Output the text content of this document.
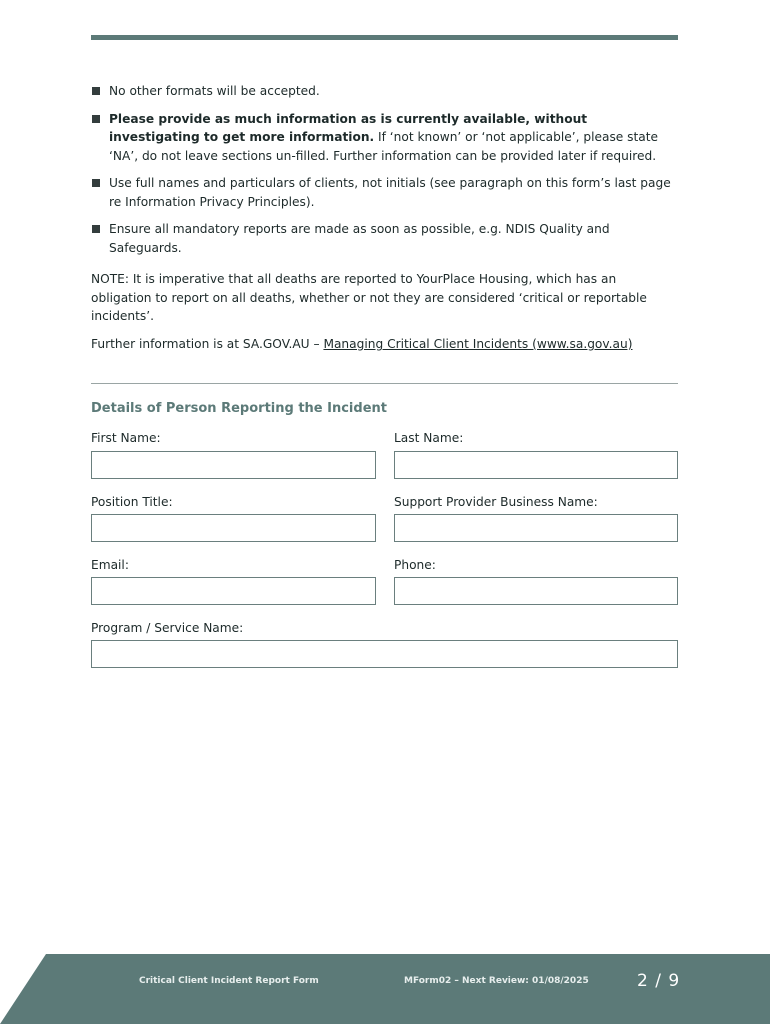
No other formats will be accepted.
Please provide as much information as is currently available, without investigating to get more information. If ‘not known’ or ‘not applicable’, please state ‘NA’, do not leave sections un-filled. Further information can be provided later if required.
Use full names and particulars of clients, not initials (see paragraph on this form’s last page re Information Privacy Principles).
Ensure all mandatory reports are made as soon as possible, e.g. NDIS Quality and Safeguards.
NOTE: It is imperative that all deaths are reported to YourPlace Housing, which has an obligation to report on all deaths, whether or not they are considered ‘critical or reportable incidents’.
Further information is at SA.GOV.AU – Managing Critical Client Incidents (www.sa.gov.au)
Details of Person Reporting the Incident
First Name:	Last Name:
Position Title:	Support Provider Business Name:
Email:	Phone:
Program / Service Name:
Critical Client Incident Report Form	MForm02 – Next Review: 01/08/2025	2 / 9
